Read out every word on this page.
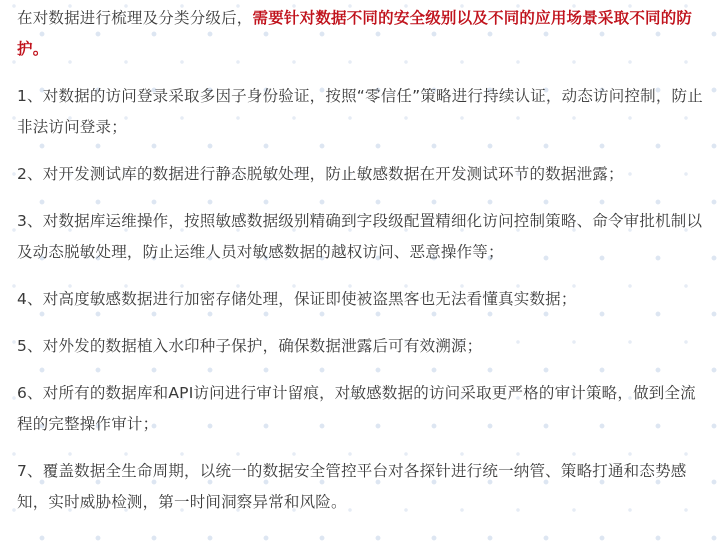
在对数据进行梳理及分类分级后，需要针对数据不同的安全级别以及不同的应用场景采取不同的防护。

1、对数据的访问登录采取多因子身份验证，按照“零信任”策略进行持续认证，动态访问控制，防止非法访问登录；

2、对开发测试库的数据进行静态脱敏处理，防止敏感数据在开发测试环节的数据泄露；

3、对数据库运维操作，按照敏感数据级别精确到字段级配置精细化访问控制策略、命令审批机制以及动态脱敏处理，防止运维人员对敏感数据的越权访问、恶意操作等；

4、对高度敏感数据进行加密存储处理，保证即使被盗黑客也无法看懂真实数据；

5、对外发的数据植入水印种子保护，确保数据泄露后可有效溯源；

6、对所有的数据库和API访问进行审计留痕，对敏感数据的访问采取更严格的审计策略，做到全流程的完整操作审计；

7、覆盖数据全生命周期，以统一的数据安全管控平台对各探针进行统一纳管、策略打通和态势感知，实时威胁检测，第一时间洞察异常和风险。
